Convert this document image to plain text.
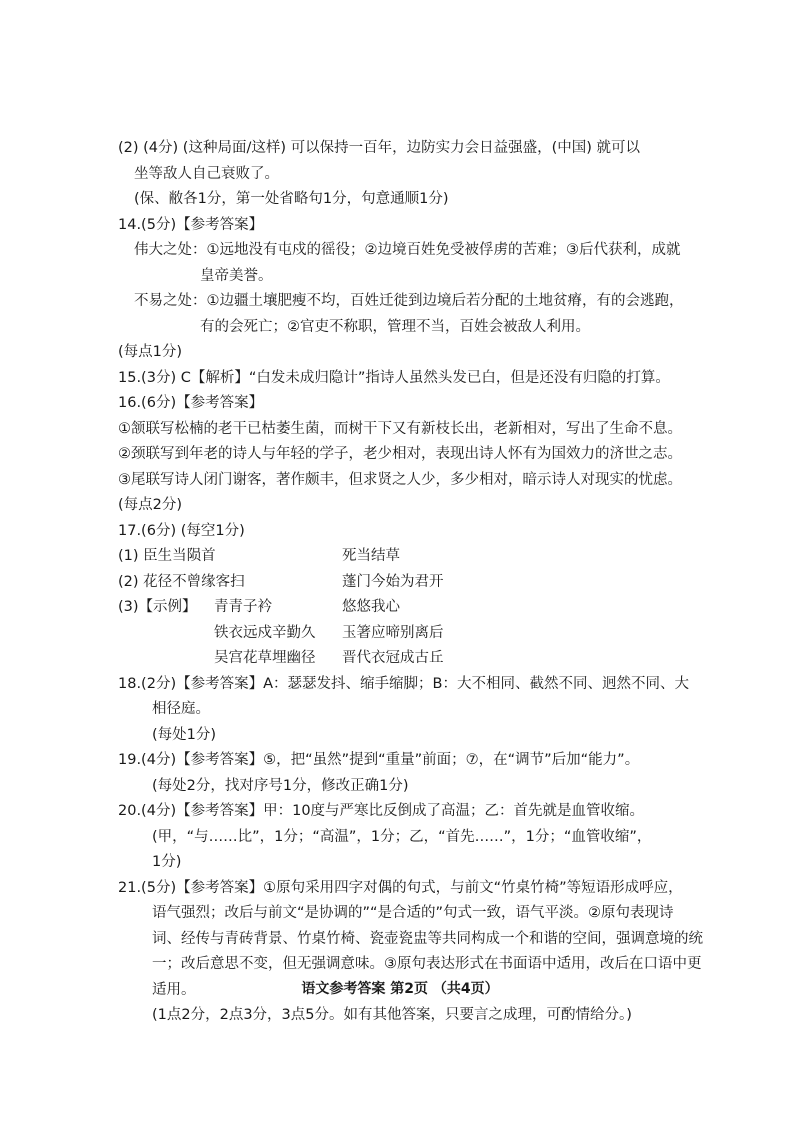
(2) (4分) (这种局面/这样) 可以保持一百年，边防实力会日益强盛，(中国) 就可以
坐等敌人自己衰败了。
(保、敝各1分，第一处省略句1分，句意通顺1分)
14.(5分)【参考答案】
伟大之处：①远地没有屯戍的徭役；②边境百姓免受被俘虏的苦难；③后代获利，成就
皇帝美誉。
不易之处：①边疆土壤肥瘦不均，百姓迁徙到边境后若分配的土地贫瘠，有的会逃跑，
有的会死亡；②官吏不称职，管理不当，百姓会被敌人利用。
(每点1分)
15.(3分) C【解析】“白发未成归隐计”指诗人虽然头发已白，但是还没有归隐的打算。
16.(6分)【参考答案】
①颔联写松楠的老干已枯萎生菌，而树干下又有新枝长出，老新相对，写出了生命不息。
②颈联写到年老的诗人与年轻的学子，老少相对，表现出诗人怀有为国效力的济世之志。
③尾联写诗人闭门谢客，著作颇丰，但求贤之人少，多少相对，暗示诗人对现实的忧虑。
(每点2分)
17.(6分) (每空1分)
(1) 臣生当陨首	死当结草
(2) 花径不曾缘客扫	蓬门今始为君开
(3)【示例】	青青子衿	悠悠我心
铁衣远戍辛勤久	玉箸应啼别离后
吴宫花草埋幽径	晋代衣冠成古丘
18.(2分)【参考答案】A：瑟瑟发抖、缩手缩脚；B：大不相同、截然不同、迥然不同、大
相径庭。
(每处1分)
19.(4分)【参考答案】⑤，把“虽然”提到“重量”前面；⑦，在“调节”后加“能力”。
(每处2分，找对序号1分，修改正确1分)
20.(4分)【参考答案】甲：10度与严寒比反倒成了高温；乙：首先就是血管收缩。
(甲，“与……比”，1分；“高温”，1分；乙，“首先……”，1分；“血管收缩”，
1分)
21.(5分)【参考答案】①原句采用四字对偶的句式，与前文“竹桌竹椅”等短语形成呼应，
语气强烈；改后与前文“是协调的”“是合适的”句式一致，语气平淡。②原句表现诗
词、经传与青砖背景、竹桌竹椅、瓷壶瓷盅等共同构成一个和谐的空间，强调意境的统
一；改后意思不变，但无强调意味。③原句表达形式在书面语中适用，改后在口语中更
适用。
(1点2分，2点3分，3点5分。如有其他答案，只要言之成理，可酌情给分。)
语文参考答案 第2页 （共4页）
